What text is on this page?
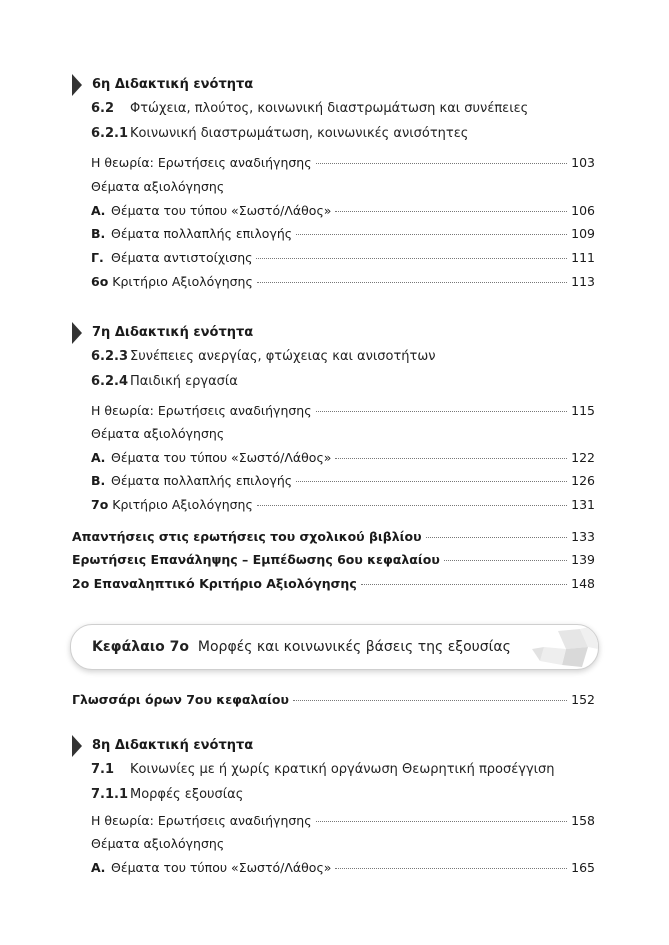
6η Διδακτική ενότητα
6.2 Φτώχεια, πλούτος, κοινωνική διαστρωμάτωση και συνέπειες
6.2.1 Κοινωνική διαστρωμάτωση, κοινωνικές ανισότητες
Η θεωρία: Ερωτήσεις αναδιήγησης	103
Θέματα αξιολόγησης
Α. Θέματα του τύπου «Σωστό/Λάθος»	106
Β. Θέματα πολλαπλής επιλογής	109
Γ. Θέματα αντιστοίχισης	111
6ο Κριτήριο Αξιολόγησης	113
7η Διδακτική ενότητα
6.2.3 Συνέπειες ανεργίας, φτώχειας και ανισοτήτων
6.2.4 Παιδική εργασία
Η θεωρία: Ερωτήσεις αναδιήγησης	115
Θέματα αξιολόγησης
Α. Θέματα του τύπου «Σωστό/Λάθος»	122
Β. Θέματα πολλαπλής επιλογής	126
7ο Κριτήριο Αξιολόγησης	131
Απαντήσεις στις ερωτήσεις του σχολικού βιβλίου	133
Ερωτήσεις Επανάληψης – Εμπέδωσης 6ου κεφαλαίου	139
2ο Επαναληπτικό Κριτήριο Αξιολόγησης	148
Κεφάλαιο 7ο Μορφές και κοινωνικές βάσεις της εξουσίας
Γλωσσάρι όρων 7ου κεφαλαίου	152
8η Διδακτική ενότητα
7.1 Κοινωνίες με ή χωρίς κρατική οργάνωση Θεωρητική προσέγγιση
7.1.1 Μορφές εξουσίας
Η θεωρία: Ερωτήσεις αναδιήγησης	158
Θέματα αξιολόγησης
Α. Θέματα του τύπου «Σωστό/Λάθος»	165
